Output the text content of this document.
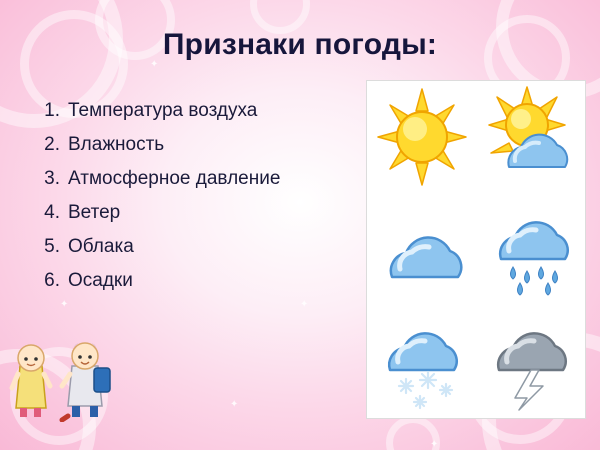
✦
✦
✦
✦
✦
Признаки погоды:
1. Температура воздуха
2. Влажность
3. Атмосферное давление
4. Ветер
5. Облака
6. Осадки
